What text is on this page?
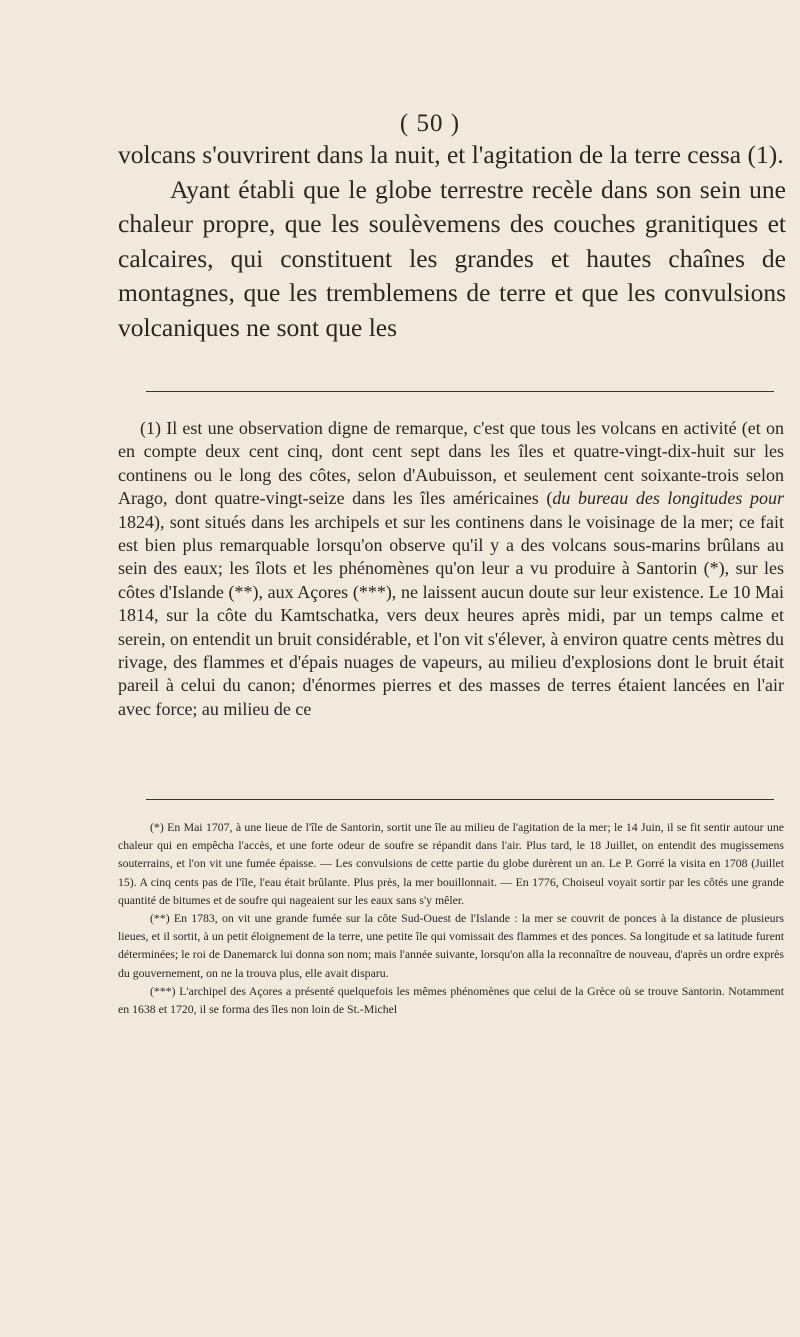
( 50 )

volcans s'ouvrirent dans la nuit, et l'agitation de la terre cessa (1).

Ayant établi que le globe terrestre recèle dans son sein une chaleur propre, que les soulèvemens des couches granitiques et calcaires, qui constituent les grandes et hautes chaînes de montagnes, que les tremblemens de terre et que les convulsions volcaniques ne sont que les

(1) Il est une observation digne de remarque, c'est que tous les volcans en activité (et on en compte deux cent cinq, dont cent sept dans les îles et quatre-vingt-dix-huit sur les continens ou le long des côtes, selon d'Aubuisson, et seulement cent soixante-trois selon Arago, dont quatre-vingt-seize dans les îles américaines (du bureau des longitudes pour 1824), sont situés dans les archipels et sur les continens dans le voisinage de la mer; ce fait est bien plus remarquable lorsqu'on observe qu'il y a des volcans sous-marins brûlans au sein des eaux; les îlots et les phénomènes qu'on leur a vu produire à Santorin (*), sur les côtes d'Islande (**), aux Açores (***), ne laissent aucun doute sur leur existence. Le 10 Mai 1814, sur la côte du Kamtschatka, vers deux heures après midi, par un temps calme et serein, on entendit un bruit considérable, et l'on vit s'élever, à environ quatre cents mètres du rivage, des flammes et d'épais nuages de vapeurs, au milieu d'explosions dont le bruit était pareil à celui du canon; d'énormes pierres et des masses de terres étaient lancées en l'air avec force; au milieu de ce

(*) En Mai 1707, à une lieue de l'île de Santorin, sortit une île au milieu de l'agitation de la mer; le 14 Juin, il se fit sentir autour une chaleur qui en empêcha l'accès, et une forte odeur de soufre se répandit dans l'air. Plus tard, le 18 Juillet, on entendit des mugissemens souterrains, et l'on vit une fumée épaisse. — Les convulsions de cette partie du globe durèrent un an. Le P. Gorré la visita en 1708 (Juillet 15). A cinq cents pas de l'île, l'eau était brûlante. Plus près, la mer bouillonnait. — En 1776, Choiseul voyait sortir par les côtés une grande quantité de bitumes et de soufre qui nageaient sur les eaux sans s'y mêler.

(**) En 1783, on vit une grande fumée sur la côte Sud-Ouest de l'Islande : la mer se couvrit de ponces à la distance de plusieurs lieues, et il sortit, à un petit éloignement de la terre, une petite île qui vomissait des flammes et des ponces. Sa longitude et sa latitude furent déterminées; le roi de Danemarck lui donna son nom; mais l'année suivante, lorsqu'on alla la reconnaître de nouveau, d'après un ordre exprès du gouvernement, on ne la trouva plus, elle avait disparu.

(***) L'archipel des Açores a présenté quelquefois les mêmes phénomènes que celui de la Grèce où se trouve Santorin. Notamment en 1638 et 1720, il se forma des îles non loin de St.-Michel
